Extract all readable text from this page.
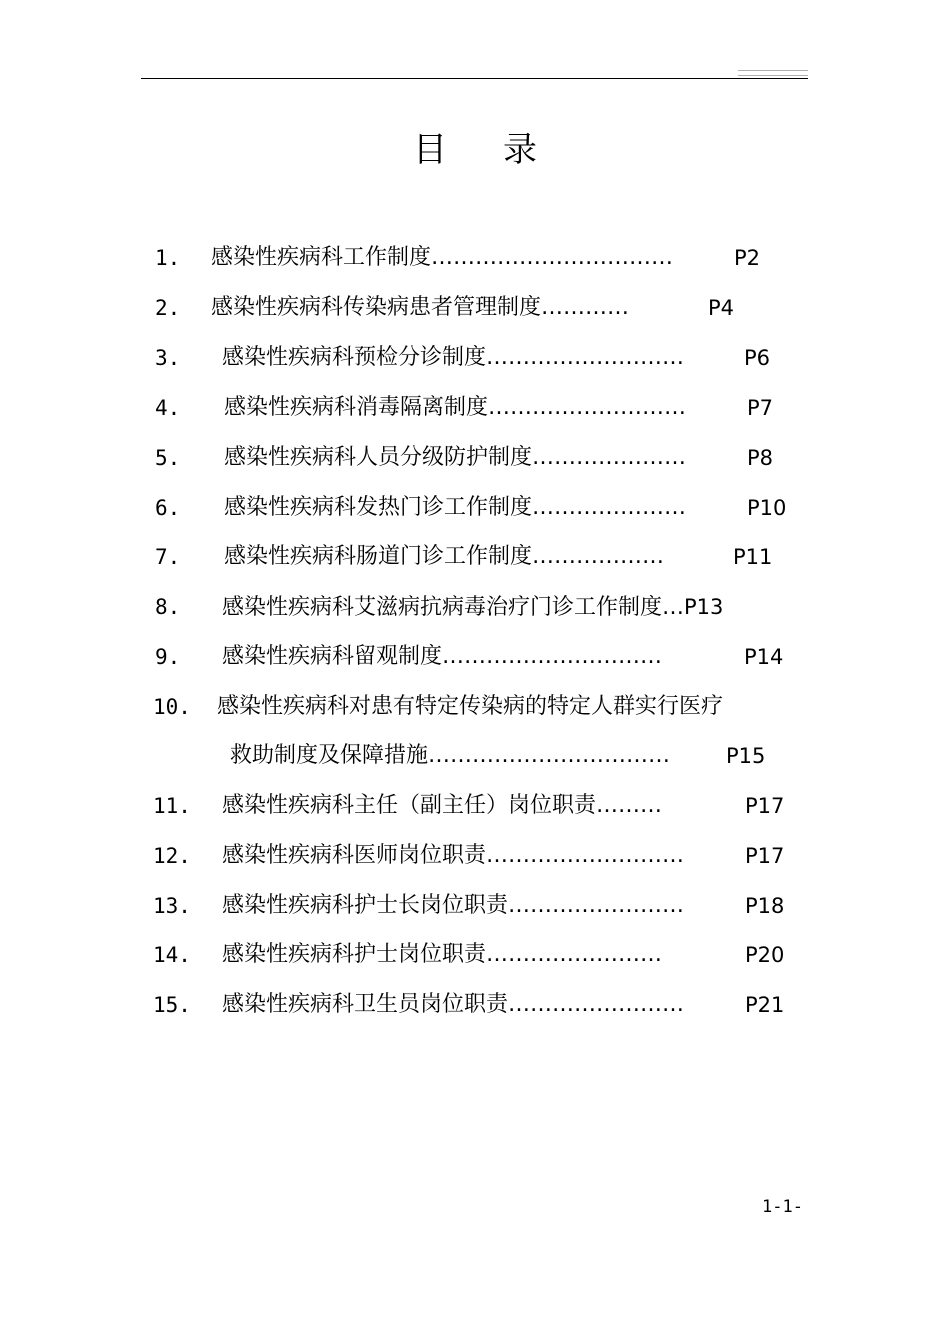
目 录
1. 感染性疾病科工作制度……………………………	P2
2. 感染性疾病科传染病患者管理制度…………	P4
3. 感染性疾病科预检分诊制度………………………	P6
4. 感染性疾病科消毒隔离制度………………………	P7
5. 感染性疾病科人员分级防护制度…………………	P8
6. 感染性疾病科发热门诊工作制度…………………	P10
7. 感染性疾病科肠道门诊工作制度………………	P11
8. 感染性疾病科艾滋病抗病毒治疗门诊工作制度…P13
9. 感染性疾病科留观制度…………………………	P14
10. 感染性疾病科对患有特定传染病的特定人群实行医疗
救助制度及保障措施……………………………	P15
11. 感染性疾病科主任（副主任）岗位职责………	P17
12. 感染性疾病科医师岗位职责………………………	P17
13. 感染性疾病科护士长岗位职责……………………	P18
14. 感染性疾病科护士岗位职责……………………	P20
15. 感染性疾病科卫生员岗位职责……………………	P21
1-1-
